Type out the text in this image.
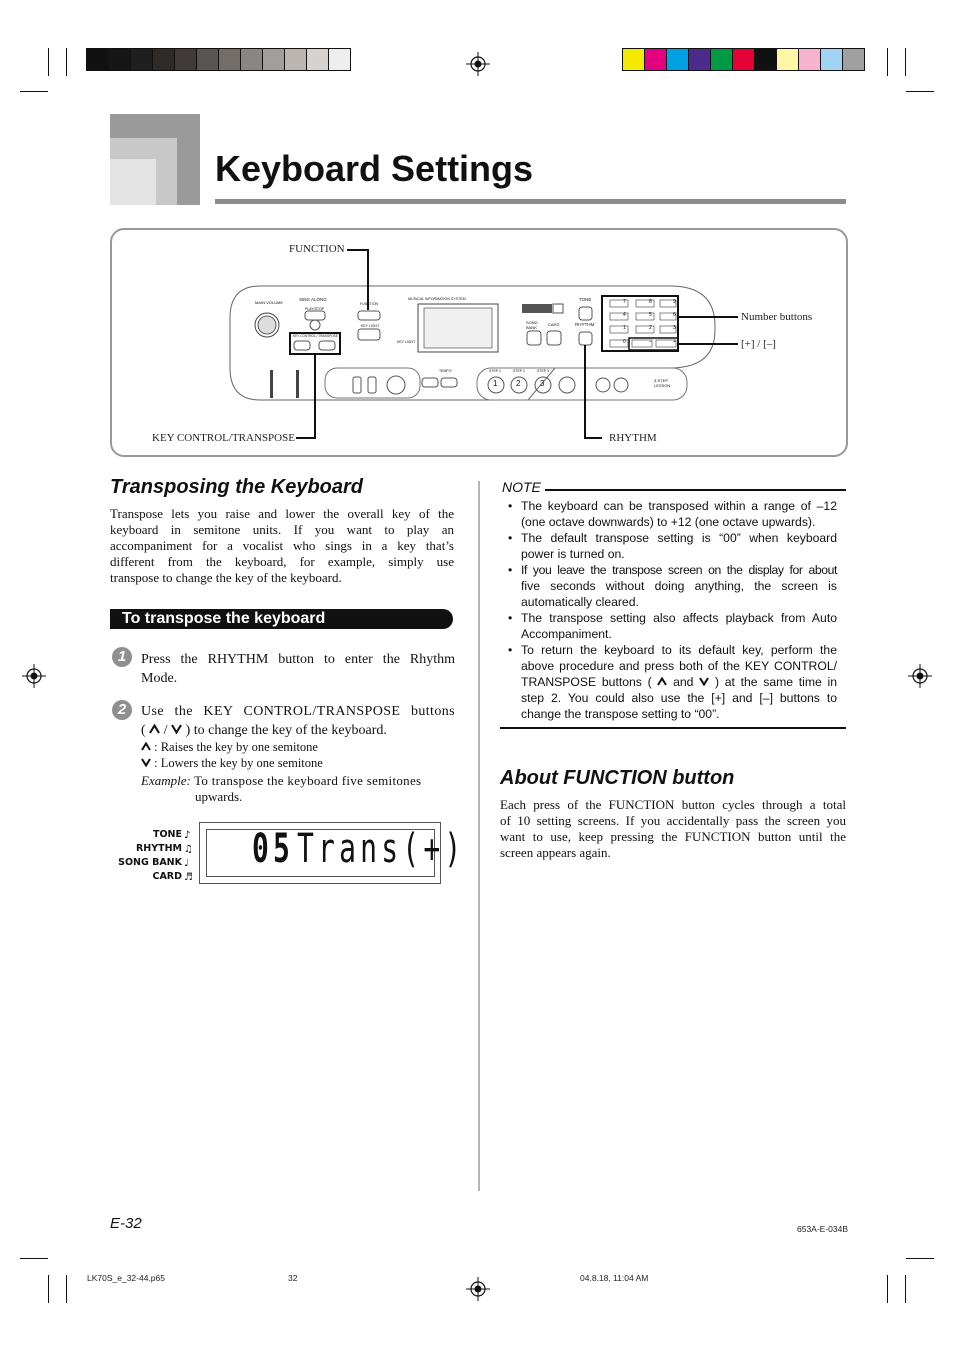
Keyboard Settings
MAIN VOLUME
SING ALONG
PLAY/STOP
KEY CONTROL / TRANSPOSE
FUNCTION
KEY LIGHT
KEY LIGHT
MUSICAL INFORMATION SYSTEM	TONE
RHYTHM
SONG BANK
CARD
TEMPO	STEP 1	STEP 2	STEP 3
1 2 3	3-STEP LESSON
7	8	9
4	5	6
1	2	3
0	–	+
FUNCTION
Number buttons
[+] / [–]
KEY CONTROL/TRANSPOSE	RHYTHM
Transposing the Keyboard
Transpose lets you raise and lower the overall key of the
keyboard in semitone units. If you want to play an
accompaniment for a vocalist who sings in a key that’s
different from the keyboard, for example, simply use
transpose to change the key of the keyboard.
To transpose the keyboard
1	Press the RHYTHM button to enter the Rhythm
Mode.
2	Use the KEY CONTROL/TRANSPOSE buttons
( / ) to change the key of the keyboard.
: Raises the key by one semitone
: Lowers the key by one semitone
Example: To transpose the keyboard five semitones
upwards.
TONE
RHYTHM
SONG BANK
CARD
♪
♫
♩
♬
05 Trans(+)
NOTE
• The keyboard can be transposed within a range of –12
(one octave downwards) to +12 (one octave upwards).
• The default transpose setting is “00” when keyboard
power is turned on.
• If you leave the transpose screen on the display for about
five seconds without doing anything, the screen is
automatically cleared.
• The transpose setting also affects playback from Auto
Accompaniment.
• To return the keyboard to its default key, perform the
above procedure and press both of the KEY CONTROL/
TRANSPOSE buttons ( and ) at the same time in
step 2. You could also use the [+] and [–] buttons to
change the transpose setting to “00”.
About FUNCTION button
Each press of the FUNCTION button cycles through a total
of 10 setting screens. If you accidentally pass the screen you
want to use, keep pressing the FUNCTION button until the
screen appears again.
E-32	653A-E-034B
LK70S_e_32-44.p65	32	04.8.18, 11:04 AM
